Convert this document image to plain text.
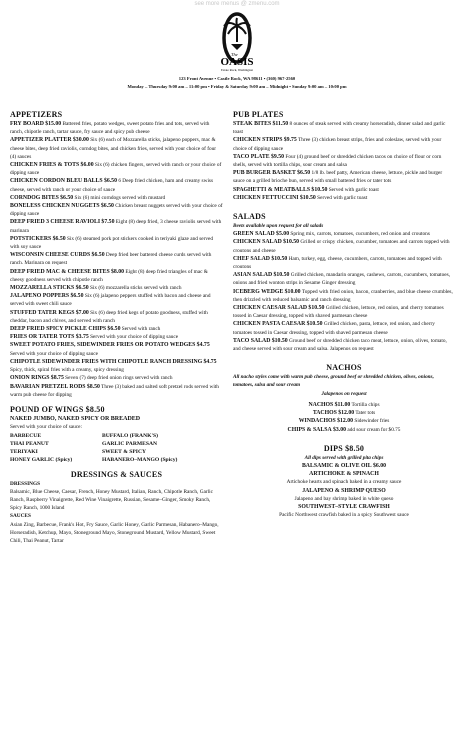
see more menus @ zmenu.com
The
OASIS
Estate Rock, Washington
123 Front Avenue • Castle Rock, WA 98611 • (360) 967-2560
Monday – Thursday 9:00 am – 11:00 pm • Friday & Saturday 9:00 am – Midnight • Sunday 9:00 am – 10:00 pm
APPETIZERS
FRY BOARD $15.00 Battered fries, potato wedges, sweet potato fries and tots, served with ranch, chipotle ranch, tartar sauce, fry sauce and spicy pub cheese
APPETIZER PLATTER $30.00 Six (6) each of Mozzarella sticks, jalapeno poppers, mac & cheese bites, deep fried raviolis, corndog bites, and chicken fries, served with your choice of four (4) sauces
CHICKEN FRIES & TOTS $6.00 Six (6) chicken fingers, served with ranch or your choice of dipping sauce
CHICKEN CORDON BLEU BALLS $6.50 6 Deep fried chicken, ham and creamy swiss cheese, served with ranch or your choice of sauce
CORNDOG BITES $6.50 Six (6) mini corndogs served with mustard
BONELESS CHICKEN NUGGETS $6.50 Chicken breast nuggets served with your choice of dipping sauce
DEEP FRIED 3 CHEESE RAVIOLI $7.50 Eight (8) deep fried, 3 cheese raviolis served with marinara
POTSTICKERS $6.50 Six (6) steamed pork pot stickers cooked in teriyaki glaze and served with soy sauce
WISCONSIN CHEESE CURDS $6.50 Deep fried beer battered cheese curds served with ranch. Marinara on request
DEEP FRIED MAC & CHEESE BITES $8.00 Eight (8) deep fried triangles of mac & cheesy goodness served with chipotle ranch
MOZZARELLA STICKS $6.50 Six (6) mozzarella sticks served with ranch
JALAPENO POPPERS $6.50 Six (6) jalapeno peppers stuffed with bacon and cheese and served with sweet chili sauce
STUFFED TATER KEGS $7.00 Six (6) deep fried kegs of potato goodness, stuffed with cheddar, bacon and chives, and served with ranch
DEEP FRIED SPICY PICKLE CHIPS $6.50 Served with ranch
FRIES OR TATER TOTS $3.75 Served with your choice of dipping sauce
SWEET POTATO FRIES, SIDEWINDER FRIES OR POTATO WEDGES $4.75 Served with your choice of dipping sauce
CHIPOTLE SIDEWINDER FRIES WITH CHIPOTLE RANCH DRESSING $4.75 Spicy, thick, spiral fries with a creamy, spicy dressing
ONION RINGS $8.75 Seven (7) deep fried onion rings served with ranch
BAVARIAN PRETZEL RODS $8.50 Three (3) baked and salted soft pretzel rods served with warm pub cheese for dipping
POUND OF WINGS $8.50
NAKED JUMBO, NAKED SPICY OR BREADED
Served with your choice of sauce:
BARBECUE	BUFFALO (FRANK'S)
THAI PEANUT	GARLIC PARMESAN
TERIYAKI	SWEET & SPICY
HONEY GARLIC (Spicy)	HABANERO–MANGO (Spicy)
DRESSINGS & SAUCES
DRESSINGS
Balsamic, Blue Cheese, Caesar, French, Honey Mustard, Italian, Ranch, Chipotle Ranch, Garlic Ranch, Raspberry Vinaigrette, Red Wine Vinaigrette, Russian, Sesame–Ginger, Smoky Ranch, Spicy Ranch, 1000 Island
SAUCES
Asian Zing, Barbecue, Frank's Hot, Fry Sauce, Garlic Honey, Garlic Parmesan, Habanero–Mango, Horseradish, Ketchup, Mayo, Stoneground Mayo, Stoneground Mustard, Yellow Mustard, Sweet Chili, Thai Peanut, Tartar
PUB PLATES
STEAK BITES $11.50 8 ounces of steak served with creamy horseradish, dinner salad and garlic toast
CHICKEN STRIPS $9.75 Three (3) chicken breast strips, fries and coleslaw, served with your choice of dipping sauce
TACO PLATE $9.50 Four (4) ground beef or shredded chicken tacos on choice of flour or corn shells, served with tortilla chips, sour cream and salsa
PUB BURGER BASKET $6.50 1/8 lb. beef patty, American cheese, lettuce, pickle and burger sauce on a grilled brioche bun, served with small battered fries or tater tots
SPAGHETTI & MEATBALLS $10.50 Served with garlic toast
CHICKEN FETTUCCINI $10.50 Served with garlic toast
SALADS
Beets available upon request for all salads
GREEN SALAD $5.00 Spring mix, carrots, tomatoes, cucumbers, red onion and croutons
CHICKEN SALAD $10.50 Grilled or crispy chicken, cucumber, tomatoes and carrots topped with croutons and cheese
CHEF SALAD $10.50 Ham, turkey, egg, cheese, cucumbers, carrots, tomatoes and topped with croutons
ASIAN SALAD $10.50 Grilled chicken, mandarin oranges, cashews, carrots, cucumbers, tomatoes, onions and fried wonton strips in Sesame Ginger dressing
ICEBERG WEDGE $10.00 Topped with fried onion, bacon, cranberries, and blue cheese crumbles, then drizzled with reduced balsamic and ranch dressing
CHICKEN CAESAR SALAD $10.50 Grilled chicken, lettuce, red onion, and cherry tomatoes tossed in Caesar dressing, topped with shaved parmesan cheese
CHICKEN PASTA CAESAR $10.50 Grilled chicken, pasta, lettuce, red onion, and cherry tomatoes tossed in Caesar dressing, topped with shaved parmesan cheese
TACO SALAD $10.50 Ground beef or shredded chicken taco meat, lettuce, onion, olives, tomato, and cheese served with sour cream and salsa. Jalapenos on request
NACHOS
All nacho styles come with warm pub cheese, ground beef or shredded chicken, olives, onions, tomatoes, salsa and sour cream
Jalapenos on request
NACHOS $11.00 Tortilla chips
TACHOS $12.00 Tater tots
WINDACHOS $12.00 Sidewinder fries
CHIPS & SALSA $3.00 add sour cream for $0.75
DIPS $8.50
All dips served with grilled pita chips
BALSAMIC & OLIVE OIL $6.00
ARTICHOKE & SPINACH
Artichoke hearts and spinach baked in a creamy sauce
JALAPENO & SHRIMP QUESO
Jalapeno and bay shrimp baked in white queso
SOUTHWEST–STYLE CRAWFISH
Pacific Northwest crawfish baked in a spicy Southwest sauce
